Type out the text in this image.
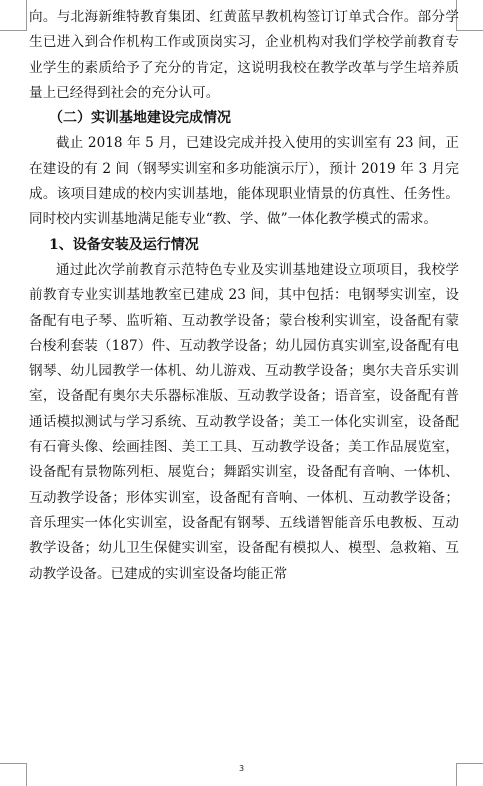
向。与北海新维特教育集团、红黄蓝早教机构签订订单式合作。部分学生已进入到合作机构工作或顶岗实习，企业机构对我们学校学前教育专业学生的素质给予了充分的肯定，这说明我校在教学改革与学生培养质量上已经得到社会的充分认可。

（二）实训基地建设完成情况

截止 2018 年 5 月，已建设完成并投入使用的实训室有 23 间，正在建设的有 2 间（钢琴实训室和多功能演示厅），预计 2019 年 3 月完成。该项目建成的校内实训基地，能体现职业情景的仿真性、任务性。同时校内实训基地满足能专业“教、学、做”一体化教学模式的需求。

1、设备安装及运行情况

通过此次学前教育示范特色专业及实训基地建设立项项目，我校学前教育专业实训基地教室已建成 23 间，其中包括：电钢琴实训室，设备配有电子琴、监听箱、互动教学设备；蒙台梭利实训室，设备配有蒙台梭利套装（187）件、互动教学设备；幼儿园仿真实训室,设备配有电钢琴、幼儿园教学一体机、幼儿游戏、互动教学设备；奥尔夫音乐实训室，设备配有奥尔夫乐器标准版、互动教学设备；语音室，设备配有普通话模拟测试与学习系统、互动教学设备；美工一体化实训室，设备配有石膏头像、绘画挂图、美工工具、互动教学设备；美工作品展览室，设备配有景物陈列柜、展览台；舞蹈实训室，设备配有音响、一体机、互动教学设备；形体实训室，设备配有音响、一体机、互动教学设备；音乐理实一体化实训室，设备配有钢琴、五线谱智能音乐电教板、互动教学设备；幼儿卫生保健实训室，设备配有模拟人、模型、急救箱、互动教学设备。已建成的实训室设备均能正常

3
